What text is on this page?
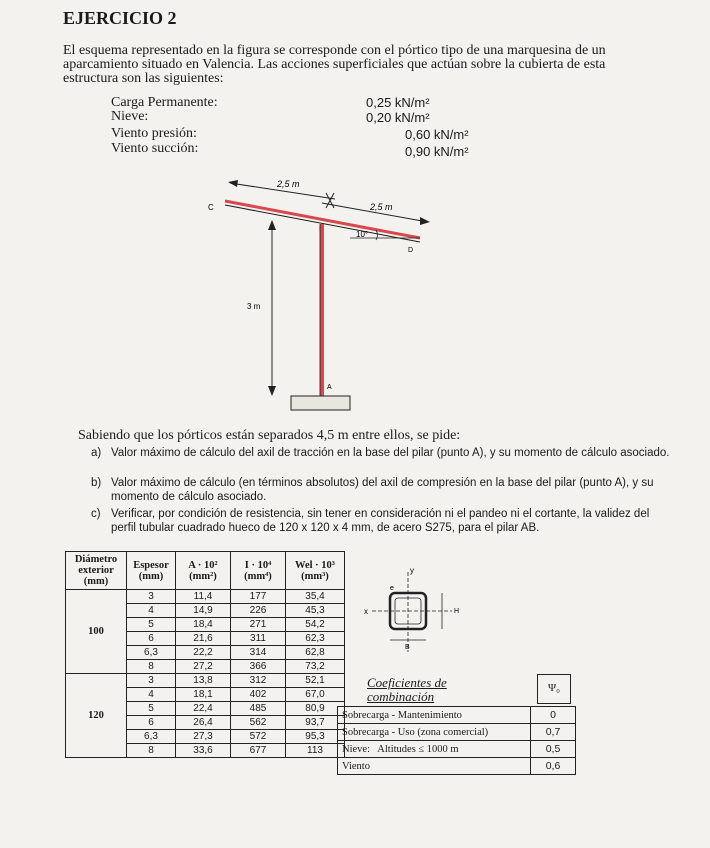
EJERCICIO 2
El esquema representado en la figura se corresponde con el pórtico tipo de una marquesina de un aparcamiento situado en Valencia. Las acciones superficiales que actúan sobre la cubierta de esta estructura son las siguientes:
Carga Permanente:	0,25 kN/m²
Nieve:	0,20 kN/m²
Viento presión:	0,60 kN/m²
Viento succión:	0,90 kN/m²
2,5 m
2,5 m
C
D
10°
A
3 m
Sabiendo que los pórticos están separados 4,5 m entre ellos, se pide:
a) Valor máximo de cálculo del axil de tracción en la base del pilar (punto A), y su momento de cálculo asociado.
b) Valor máximo de cálculo (en términos absolutos) del axil de compresión en la base del pilar (punto A), y su momento de cálculo asociado.
c) Verificar, por condición de resistencia, sin tener en consideración ni el pandeo ni el cortante, la validez del perfil tubular cuadrado hueco de 120 x 120 x 4 mm, de acero S275, para el pilar AB.
Diámetro exterior (mm)	Espesor (mm)	A · 10² (mm²)	I · 10⁴ (mm⁴)	Wel · 10³ (mm³)
100	3	11,4	177	35,4
	4	14,9	226	45,3
	5	18,4	271	54,2
	6	21,6	311	62,3
	6,3	22,2	314	62,8
	8	27,2	366	73,2
120	3	13,8	312	52,1
	4	18,1	402	67,0
	5	22,4	485	80,9
	6	26,4	562	93,7
	6,3	27,3	572	95,3
	8	33,6	677	113
y
x
e
H
B
Coeficientes de combinación
Ψ₀
Sobrecarga - Mantenimiento	0
Sobrecarga - Uso (zona comercial)	0,7
Nieve:   Altitudes ≤ 1000 m	0,5
Viento	0,6
